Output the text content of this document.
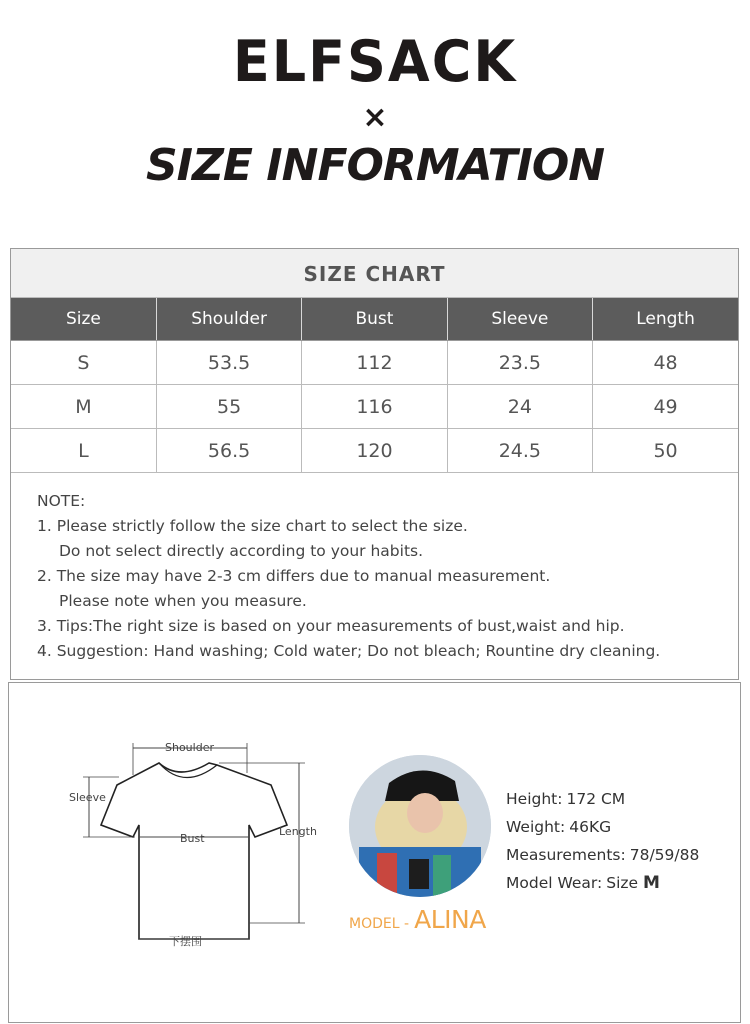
ELFSACK
×
SIZE INFORMATION
SIZE CHART
Size	Shoulder	Bust	Sleeve	Length
S	53.5	112	23.5	48
M	55	116	24	49
L	56.5	120	24.5	50
NOTE:
1. Please strictly follow the size chart to select the size.
Do not select directly according to your habits.
2. The size may have 2-3 cm differs due to manual measurement.
Please note when you measure.
3. Tips:The right size is based on your measurements of bust,waist and hip.
4. Suggestion: Hand washing; Cold water; Do not bleach; Rountine dry cleaning.
Shoulder
Sleeve
Bust
Length
下摆围
MODEL - ALINA
Height: 172 CM
Weight: 46KG
Measurements: 78/59/88
Model Wear: Size M
